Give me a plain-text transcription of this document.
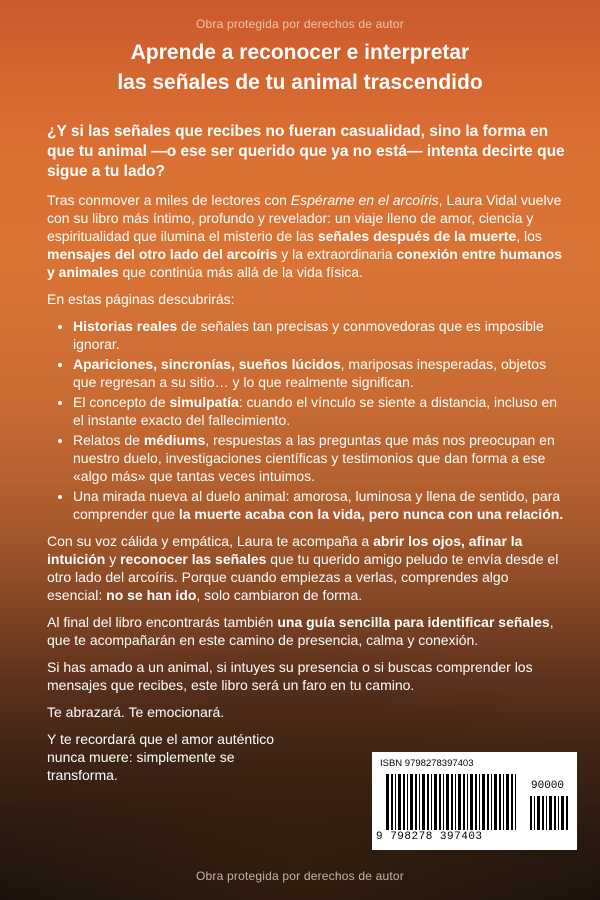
Obra protegida por derechos de autor
Aprende a reconocer e interpretar
las señales de tu animal trascendido

¿Y si las señales que recibes no fueran casualidad, sino la forma en que tu animal —o ese ser querido que ya no está— intenta decirte que sigue a tu lado?

Tras conmover a miles de lectores con Espérame en el arcoíris, Laura Vidal vuelve con su libro más íntimo, profundo y revelador: un viaje lleno de amor, ciencia y espiritualidad que ilumina el misterio de las señales después de la muerte, los mensajes del otro lado del arcoíris y la extraordinaria conexión entre humanos y animales que continúa más allá de la vida física.

En estas páginas descubrirás:

• Historias reales de señales tan precisas y conmovedoras que es imposible ignorar.
• Apariciones, sincronías, sueños lúcidos, mariposas inesperadas, objetos que regresan a su sitio… y lo que realmente significan.
• El concepto de simulpatía: cuando el vínculo se siente a distancia, incluso en el instante exacto del fallecimiento.
• Relatos de médiums, respuestas a las preguntas que más nos preocupan en nuestro duelo, investigaciones científicas y testimonios que dan forma a ese «algo más» que tantas veces intuimos.
• Una mirada nueva al duelo animal: amorosa, luminosa y llena de sentido, para comprender que la muerte acaba con la vida, pero nunca con una relación.

Con su voz cálida y empática, Laura te acompaña a abrir los ojos, afinar la intuición y reconocer las señales que tu querido amigo peludo te envía desde el otro lado del arcoíris. Porque cuando empiezas a verlas, comprendes algo esencial: no se han ido, solo cambiaron de forma.

Al final del libro encontrarás también una guía sencilla para identificar señales, que te acompañarán en este camino de presencia, calma y conexión.

Si has amado a un animal, si intuyes su presencia o si buscas comprender los mensajes que recibes, este libro será un faro en tu camino.

Te abrazará. Te emocionará.

Y te recordará que el amor auténtico nunca muere: simplemente se transforma.

ISBN 9798278397403
90000
9 798278 397403
Obra protegida por derechos de autor
